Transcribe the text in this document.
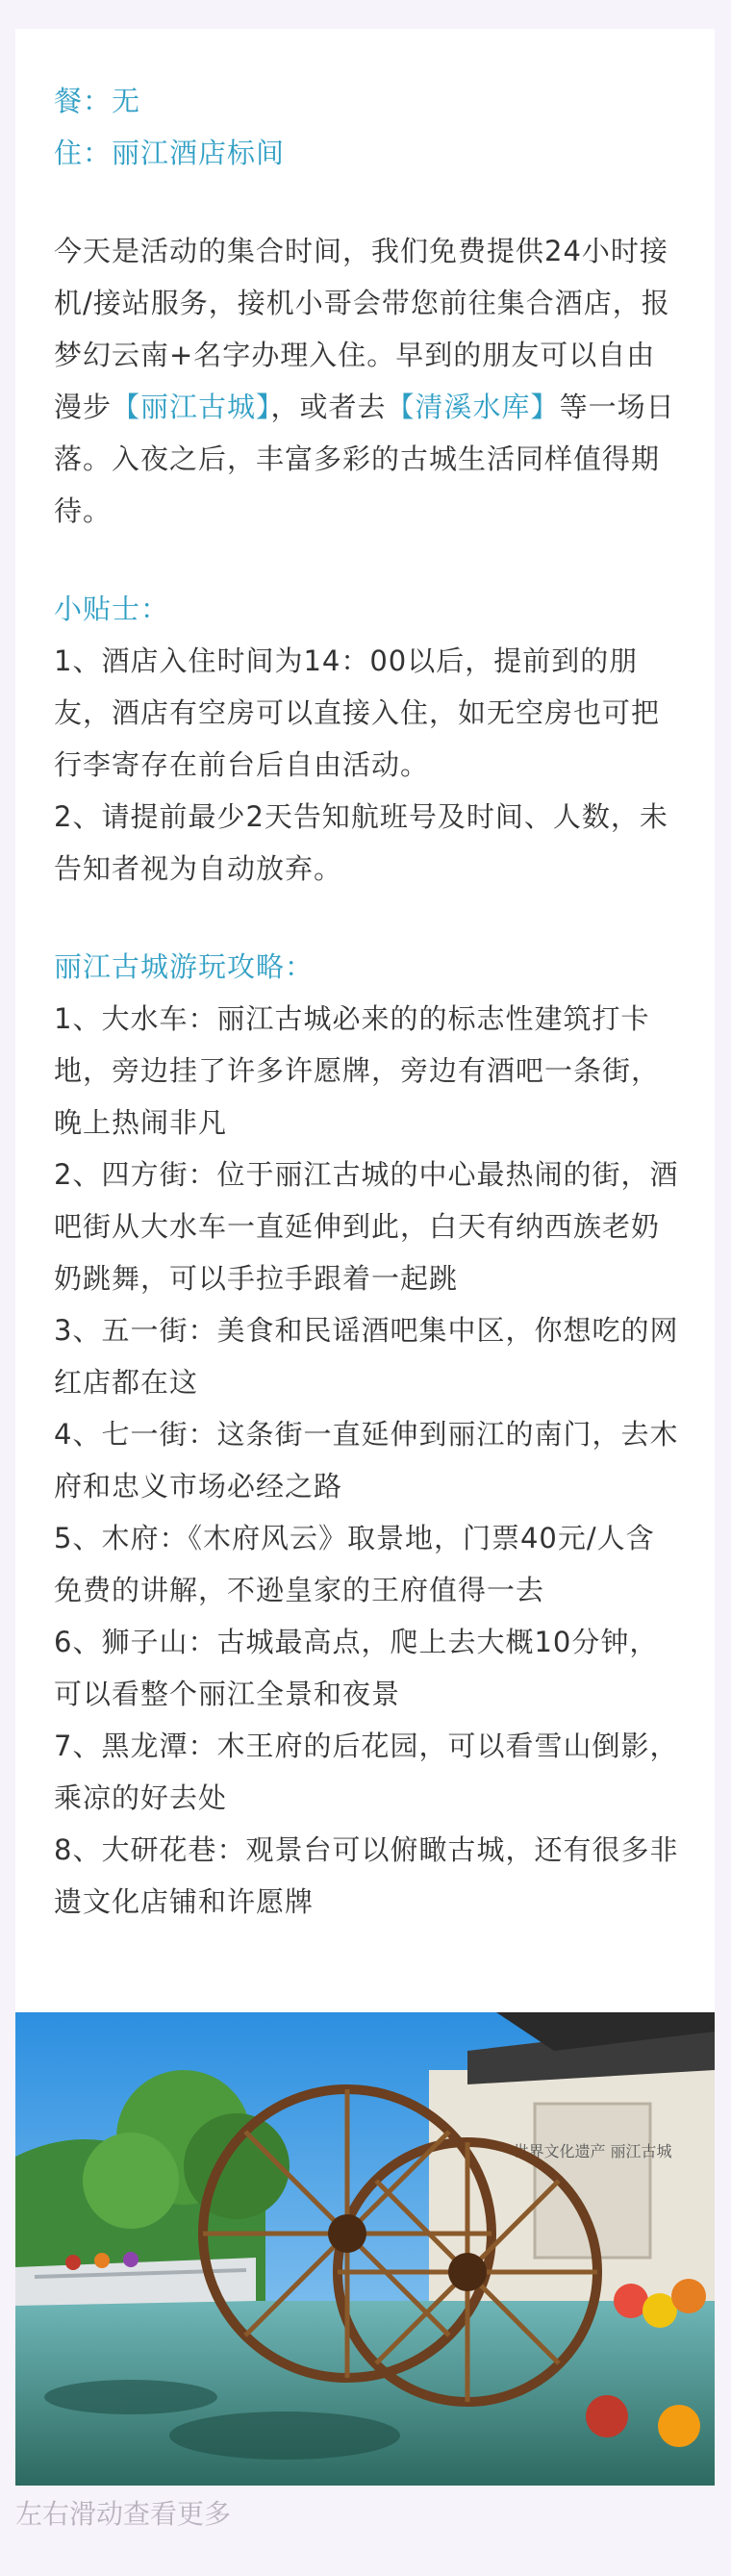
餐：无

住：丽江酒店标间

今天是活动的集合时间，我们免费提供24小时接机/接站服务，接机小哥会带您前往集合酒店，报梦幻云南+名字办理入住。早到的朋友可以自由漫步【丽江古城】，或者去【清溪水库】等一场日落。入夜之后，丰富多彩的古城生活同样值得期待。

小贴士：

1、酒店入住时间为14：00以后，提前到的朋友，酒店有空房可以直接入住，如无空房也可把行李寄存在前台后自由活动。

2、请提前最少2天告知航班号及时间、人数，未告知者视为自动放弃。

丽江古城游玩攻略：

1、大水车：丽江古城必来的的标志性建筑打卡地，旁边挂了许多许愿牌，旁边有酒吧一条街，晚上热闹非凡

2、四方街：位于丽江古城的中心最热闹的街，酒吧街从大水车一直延伸到此，白天有纳西族老奶奶跳舞，可以手拉手跟着一起跳

3、五一街：美食和民谣酒吧集中区，你想吃的网红店都在这

4、七一街：这条街一直延伸到丽江的南门，去木府和忠义市场必经之路

5、木府：《木府风云》取景地，门票40元/人含免费的讲解，不逊皇家的王府值得一去

6、狮子山：古城最高点，爬上去大概10分钟，可以看整个丽江全景和夜景

7、黑龙潭：木王府的后花园，可以看雪山倒影，乘凉的好去处

8、大研花巷：观景台可以俯瞰古城，还有很多非遗文化店铺和许愿牌

世界文化遗产 丽江古城
左右滑动查看更多
